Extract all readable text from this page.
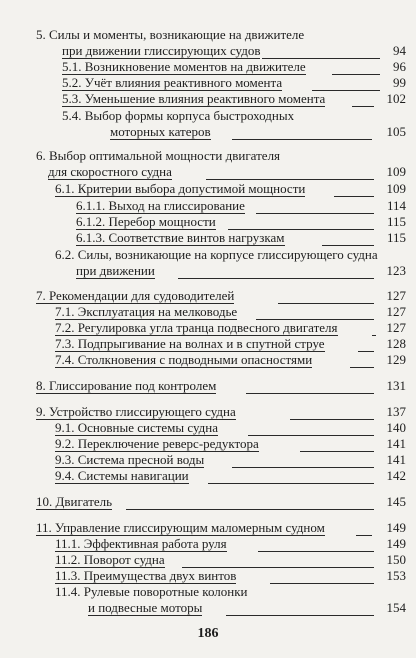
5. Силы и моменты, возникающие на движителе
при движении глиссирующих судов	94
5.1. Возникновение моментов на движителе	96
5.2. Учёт влияния реактивного момента	99
5.3. Уменьшение влияния реактивного момента	102
5.4. Выбор формы корпуса быстроходных
моторных катеров	105
6. Выбор оптимальной мощности двигателя
для скоростного судна	109
6.1. Критерии выбора допустимой мощности	109
6.1.1. Выход на глиссирование	114
6.1.2. Перебор мощности	115
6.1.3. Соответствие винтов нагрузкам	115
6.2. Силы, возникающие на корпусе глиссирующего судна
при движении	123
7. Рекомендации для судоводителей	127
7.1. Эксплуатация на мелководье	127
7.2. Регулировка угла транца подвесного двигателя	127
7.3. Подпрыгивание на волнах и в спутной струе	128
7.4. Столкновения с подводными опасностями	129
8. Глиссирование под контролем	131
9. Устройство глиссирующего судна	137
9.1. Основные системы судна	140
9.2. Переключение реверс-редуктора	141
9.3. Система пресной воды	141
9.4. Системы навигации	142
10. Двигатель	145
11. Управление глиссирующим маломерным судном	149
11.1. Эффективная работа руля	149
11.2. Поворот судна	150
11.3. Преимущества двух винтов	153
11.4. Рулевые поворотные колонки
и подвесные моторы	154
186
